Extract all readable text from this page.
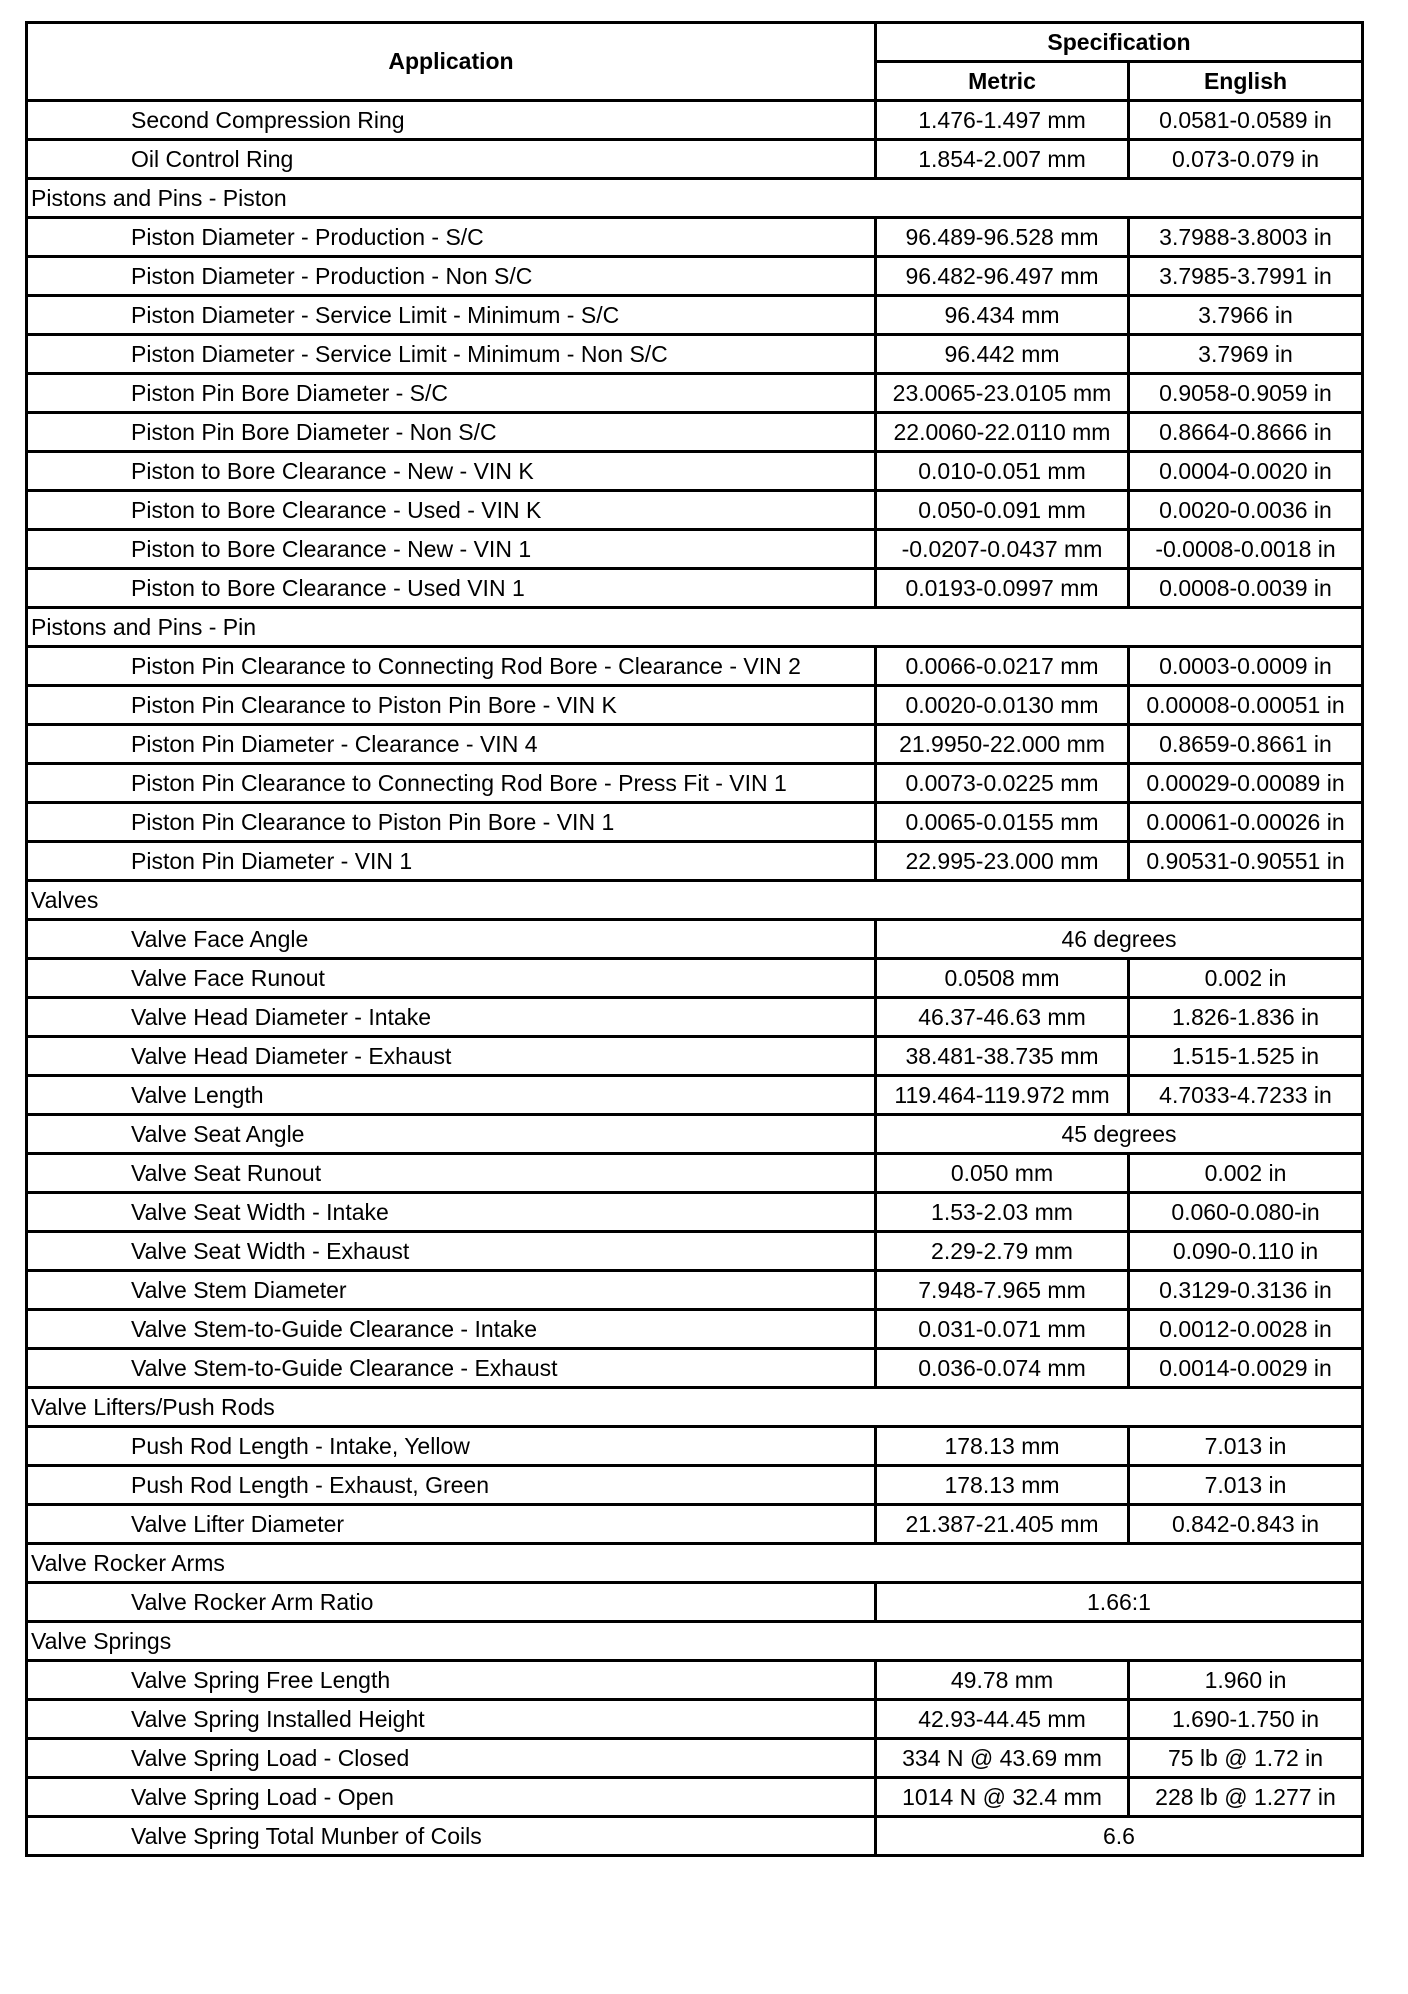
Application	Specification	
	Metric	English
Second Compression Ring	1.476-1.497 mm	0.0581-0.0589 in
Oil Control Ring	1.854-2.007 mm	0.073-0.079 in
Pistons and Pins - Piston		
Piston Diameter - Production - S/C	96.489-96.528 mm	3.7988-3.8003 in
Piston Diameter - Production - Non S/C	96.482-96.497 mm	3.7985-3.7991 in
Piston Diameter - Service Limit - Minimum - S/C	96.434 mm	3.7966 in
Piston Diameter - Service Limit - Minimum - Non S/C	96.442 mm	3.7969 in
Piston Pin Bore Diameter - S/C	23.0065-23.0105 mm	0.9058-0.9059 in
Piston Pin Bore Diameter - Non S/C	22.0060-22.0110 mm	0.8664-0.8666 in
Piston to Bore Clearance - New - VIN K	0.010-0.051 mm	0.0004-0.0020 in
Piston to Bore Clearance - Used - VIN K	0.050-0.091 mm	0.0020-0.0036 in
Piston to Bore Clearance - New - VIN 1	-0.0207-0.0437 mm	-0.0008-0.0018 in
Piston to Bore Clearance - Used VIN 1	0.0193-0.0997 mm	0.0008-0.0039 in
Pistons and Pins - Pin		
Piston Pin Clearance to Connecting Rod Bore - Clearance - VIN 2	0.0066-0.0217 mm	0.0003-0.0009 in
Piston Pin Clearance to Piston Pin Bore - VIN K	0.0020-0.0130 mm	0.00008-0.00051 in
Piston Pin Diameter - Clearance - VIN 4	21.9950-22.000 mm	0.8659-0.8661 in
Piston Pin Clearance to Connecting Rod Bore - Press Fit - VIN 1	0.0073-0.0225 mm	0.00029-0.00089 in
Piston Pin Clearance to Piston Pin Bore - VIN 1	0.0065-0.0155 mm	0.00061-0.00026 in
Piston Pin Diameter - VIN 1	22.995-23.000 mm	0.90531-0.90551 in
Valves		
Valve Face Angle	46 degrees	
Valve Face Runout	0.0508 mm	0.002 in
Valve Head Diameter - Intake	46.37-46.63 mm	1.826-1.836 in
Valve Head Diameter - Exhaust	38.481-38.735 mm	1.515-1.525 in
Valve Length	119.464-119.972 mm	4.7033-4.7233 in
Valve Seat Angle	45 degrees	
Valve Seat Runout	0.050 mm	0.002 in
Valve Seat Width - Intake	1.53-2.03 mm	0.060-0.080-in
Valve Seat Width - Exhaust	2.29-2.79 mm	0.090-0.110 in
Valve Stem Diameter	7.948-7.965 mm	0.3129-0.3136 in
Valve Stem-to-Guide Clearance - Intake	0.031-0.071 mm	0.0012-0.0028 in
Valve Stem-to-Guide Clearance - Exhaust	0.036-0.074 mm	0.0014-0.0029 in
Valve Lifters/Push Rods		
Push Rod Length - Intake, Yellow	178.13 mm	7.013 in
Push Rod Length - Exhaust, Green	178.13 mm	7.013 in
Valve Lifter Diameter	21.387-21.405 mm	0.842-0.843 in
Valve Rocker Arms		
Valve Rocker Arm Ratio	1.66:1	
Valve Springs		
Valve Spring Free Length	49.78 mm	1.960 in
Valve Spring Installed Height	42.93-44.45 mm	1.690-1.750 in
Valve Spring Load - Closed	334 N @ 43.69 mm	75 lb @ 1.72 in
Valve Spring Load - Open	1014 N @ 32.4 mm	228 lb @ 1.277 in
Valve Spring Total Munber of Coils	6.6	
